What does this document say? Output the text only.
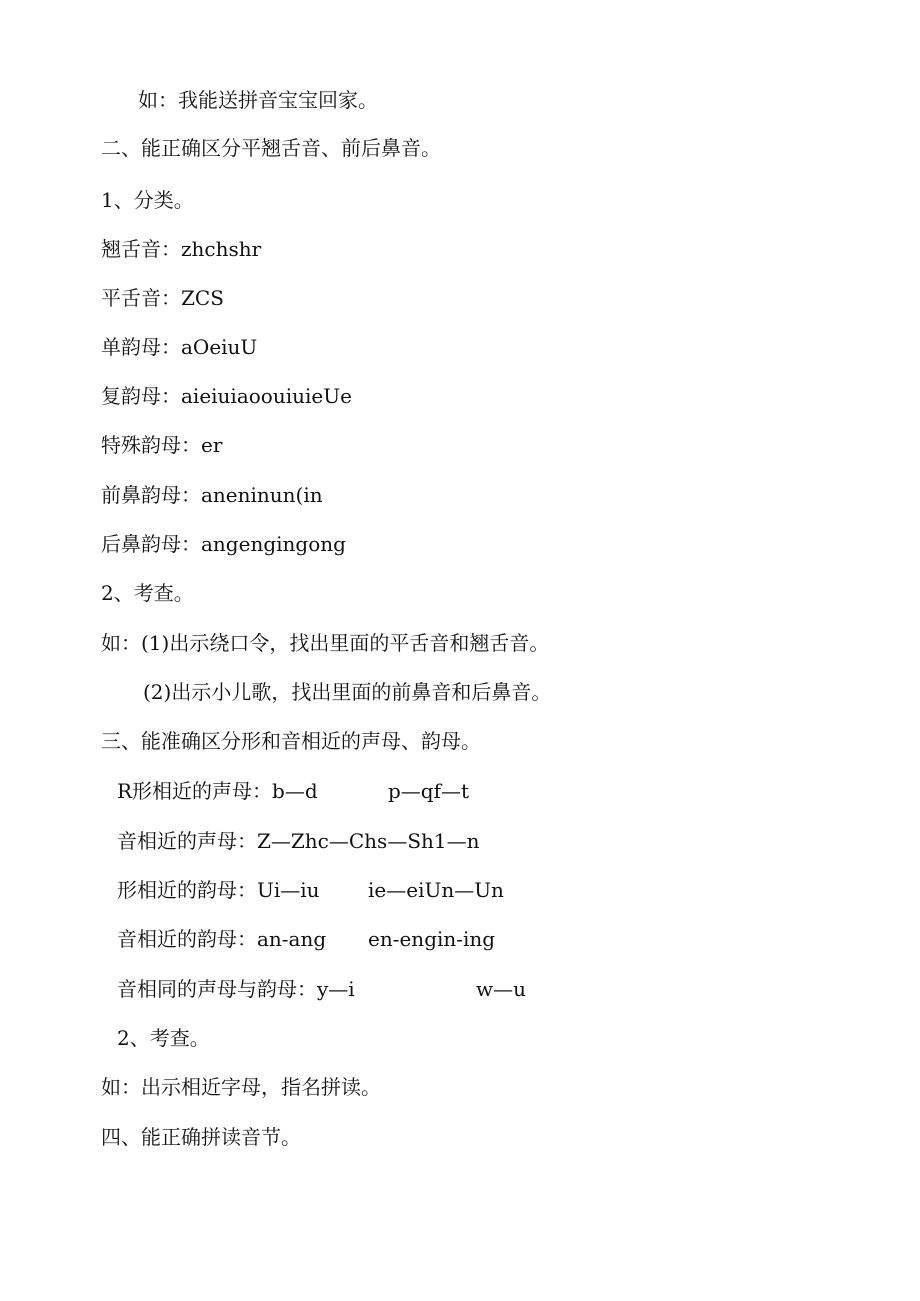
如：我能送拼音宝宝回家。
二、能正确区分平翘舌音、前后鼻音。
1、分类。
翘舌音：zhchshr
平舌音：ZCS
单韵母：aOeiuU
复韵母：aieiuiaoouiuieUe
特殊韵母：er
前鼻韵母：aneninun(in
后鼻韵母：angengingong
2、考查。
如：(1)出示绕口令，找出里面的平舌音和翘舌音。
(2)出示小儿歌，找出里面的前鼻音和后鼻音。
三、能准确区分形和音相近的声母、韵母。

R形相近的声母：b—d

	p—qf—t

音相近的声母：Z—Zhc—Chs—Sh1—n

形相近的韵母：Ui—iu

ie—eiUn—Un

音相近的韵母：an-ang

en-engin-ing

音相同的声母与韵母：y—i

	w—u

2、考查。
如：出示相近字母，指名拼读。
四、能正确拼读音节。
